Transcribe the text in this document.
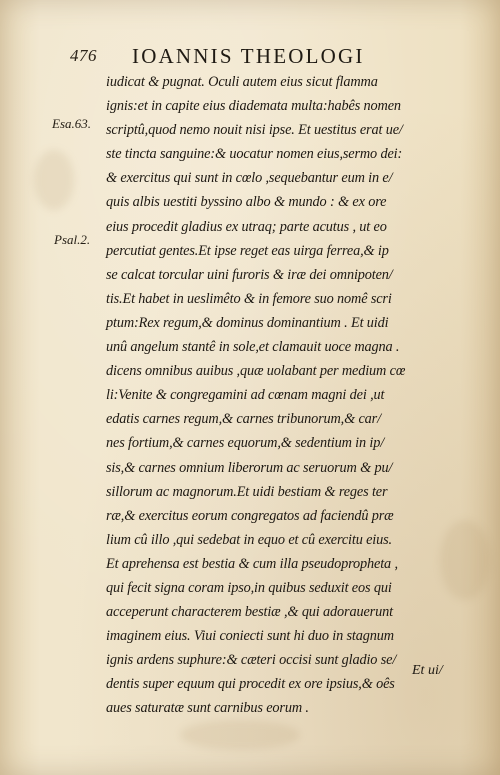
476 IOANNIS THEOLOGI
Esa.63.
Psal.2.
iudicat & pugnat. Oculi autem eius sicut flamma
ignis:et in capite eius diademata multa:habês nomen
scriptû,quod nemo nouit nisi ipse. Et uestitus erat ue/
ste tincta sanguine:& uocatur nomen eius,sermo dei:
& exercitus qui sunt in cœlo ,sequebantur eum in e/
quis albis uestiti byssino albo & mundo : & ex ore
eius procedit gladius ex utraq; parte acutus , ut eo
percutiat gentes.Et ipse reget eas uirga ferrea,& ip
se calcat torcular uini furoris & iræ dei omnipoten/
tis.Et habet in ueslimêto & in femore suo nomê scri
ptum:Rex regum,& dominus dominantium . Et uidi
unû angelum stantê in sole,et clamauit uoce magna .
dicens omnibus auibus ,quæ uolabant per medium cœ
li:Venite & congregamini ad cœnam magni dei ,ut
edatis carnes regum,& carnes tribunorum,& car/
nes fortium,& carnes equorum,& sedentium in ip/
sis,& carnes omnium liberorum ac seruorum & pu/
sillorum ac magnorum.Et uidi bestiam & reges ter
ræ,& exercitus eorum congregatos ad faciendû præ
lium cû illo ,qui sedebat in equo et cû exercitu eius.
Et aprehensa est bestia & cum illa pseudopropheta ,
qui fecit signa coram ipso,in quibus seduxit eos qui
acceperunt characterem bestiæ ,& qui adorauerunt
imaginem eius. Viui coniecti sunt hi duo in stagnum
ignis ardens suphure:& cæteri occisi sunt gladio se/
dentis super equum qui procedit ex ore ipsius,& oês
aues saturatæ sunt carnibus eorum .
Et ui/
